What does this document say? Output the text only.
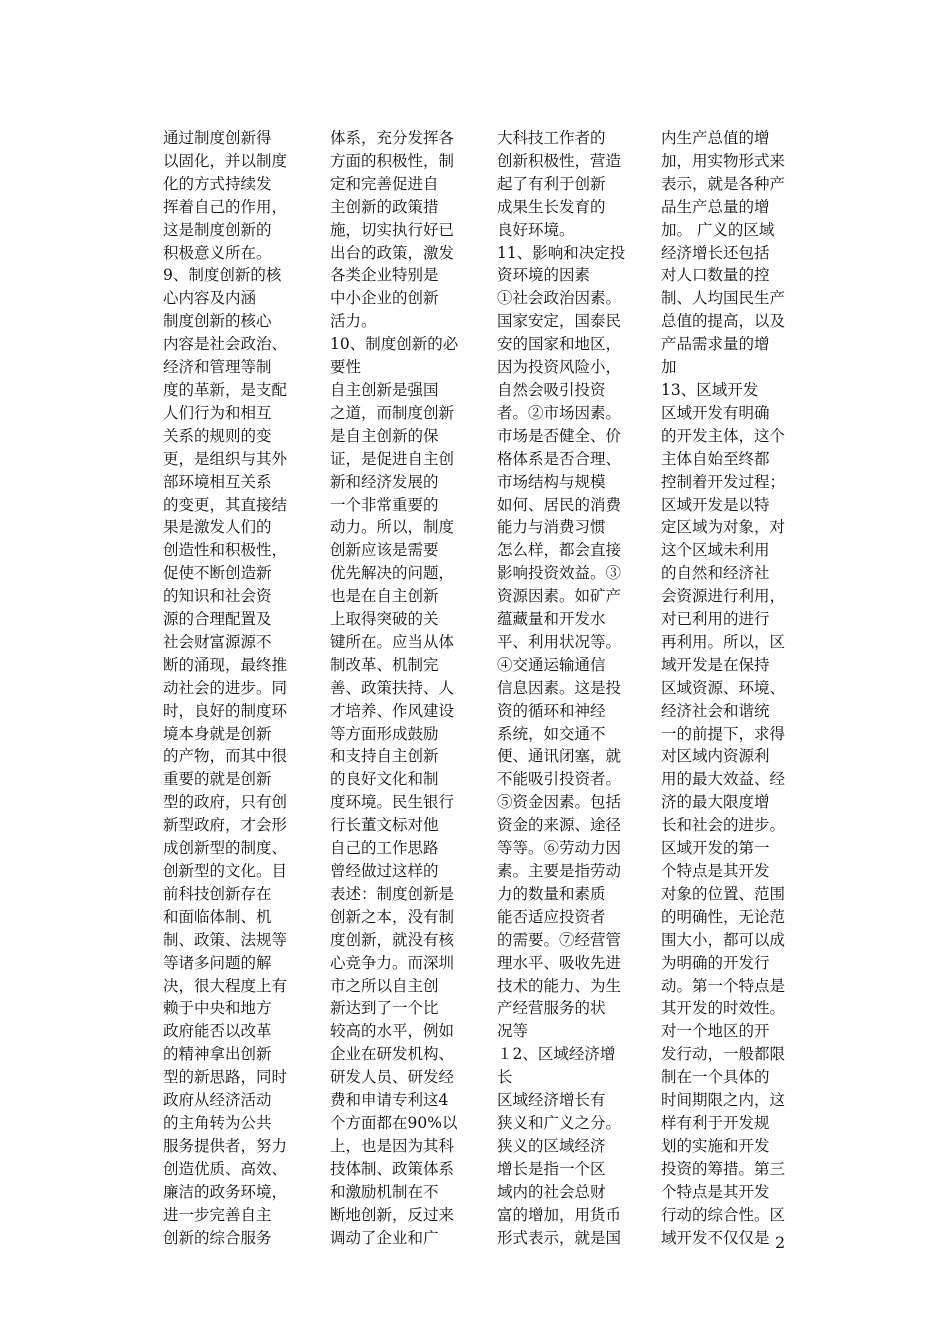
通过制度创新得

以固化，并以制度

化的方式持续发

挥着自己的作用，

这是制度创新的

积极意义所在。

9、制度创新的核

心内容及内涵

制度创新的核心

内容是社会政治、

经济和管理等制

度的革新，是支配

人们行为和相互

关系的规则的变

更，是组织与其外

部环境相互关系

的变更，其直接结

果是激发人们的

创造性和积极性，

促使不断创造新

的知识和社会资

源的合理配置及

社会财富源源不

断的涌现，最终推

动社会的进步。同

时，良好的制度环

境本身就是创新

的产物，而其中很

重要的就是创新

型的政府，只有创

新型政府，才会形

成创新型的制度、

创新型的文化。目

前科技创新存在

和面临体制、机

制、政策、法规等

等诸多问题的解

决，很大程度上有

赖于中央和地方

政府能否以改革

的精神拿出创新

型的新思路，同时

政府从经济活动

的主角转为公共

服务提供者，努力

创造优质、高效、

廉洁的政务环境，

进一步完善自主

创新的综合服务

体系，充分发挥各

方面的积极性，制

定和完善促进自

主创新的政策措

施，切实执行好已

出台的政策，激发

各类企业特别是

中小企业的创新

活力。

10、制度创新的必

要性

自主创新是强国

之道，而制度创新

是自主创新的保

证，是促进自主创

新和经济发展的

一个非常重要的

动力。所以，制度

创新应该是需要

优先解决的问题，

也是在自主创新

上取得突破的关

键所在。应当从体

制改革、机制完

善、政策扶持、人

才培养、作风建设

等方面形成鼓励

和支持自主创新

的良好文化和制

度环境。民生银行

行长董文标对他

自己的工作思路

曾经做过这样的

表述：制度创新是

创新之本，没有制

度创新，就没有核

心竞争力。而深圳

市之所以自主创

新达到了一个比

较高的水平，例如

企业在研发机构、

研发人员、研发经

费和申请专利这4

个方面都在90%以

上，也是因为其科

技体制、政策体系

和激励机制在不

断地创新，反过来

调动了企业和广

大科技工作者的

创新积极性，营造

起了有利于创新

成果生长发育的

良好环境。

11、影响和决定投

资环境的因素

①社会政治因素。

国家安定，国泰民

安的国家和地区，

因为投资风险小，

自然会吸引投资

者。②市场因素。

市场是否健全、价

格体系是否合理、

市场结构与规模

如何、居民的消费

能力与消费习惯

怎么样，都会直接

影响投资效益。③

资源因素。如矿产

蕴藏量和开发水

平、利用状况等。

④交通运输通信

信息因素。这是投

资的循环和神经

系统，如交通不

便、通讯闭塞，就

不能吸引投资者。

⑤资金因素。包括

资金的来源、途径

等等。⑥劳动力因

素。主要是指劳动

力的数量和素质

能否适应投资者

的需要。⑦经营管

理水平、吸收先进

技术的能力、为生

产经营服务的状

况等

１2、区域经济增

长

区域经济增长有

狭义和广义之分。

狭义的区域经济

增长是指一个区

域内的社会总财

富的增加，用货币

形式表示，就是国

内生产总值的增

加，用实物形式来

表示，就是各种产

品生产总量的增

加。 广义的区域

经济增长还包括

对人口数量的控

制、人均国民生产

总值的提高，以及

产品需求量的增

加

13、区域开发

区域开发有明确

的开发主体，这个

主体自始至终都

控制着开发过程；

区域开发是以特

定区域为对象，对

这个区域未利用

的自然和经济社

会资源进行利用，

对已利用的进行

再利用。所以，区

域开发是在保持

区域资源、环境、

经济社会和谐统

一的前提下，求得

对区域内资源利

用的最大效益、经

济的最大限度增

长和社会的进步。

区域开发的第一

个特点是其开发

对象的位置、范围

的明确性，无论范

围大小，都可以成

为明确的开发行

动。第一个特点是

其开发的时效性。

对一个地区的开

发行动，一般都限

制在一个具体的

时间期限之内，这

样有利于开发规

划的实施和开发

投资的筹措。第三

个特点是其开发

行动的综合性。区

域开发不仅仅是 2
